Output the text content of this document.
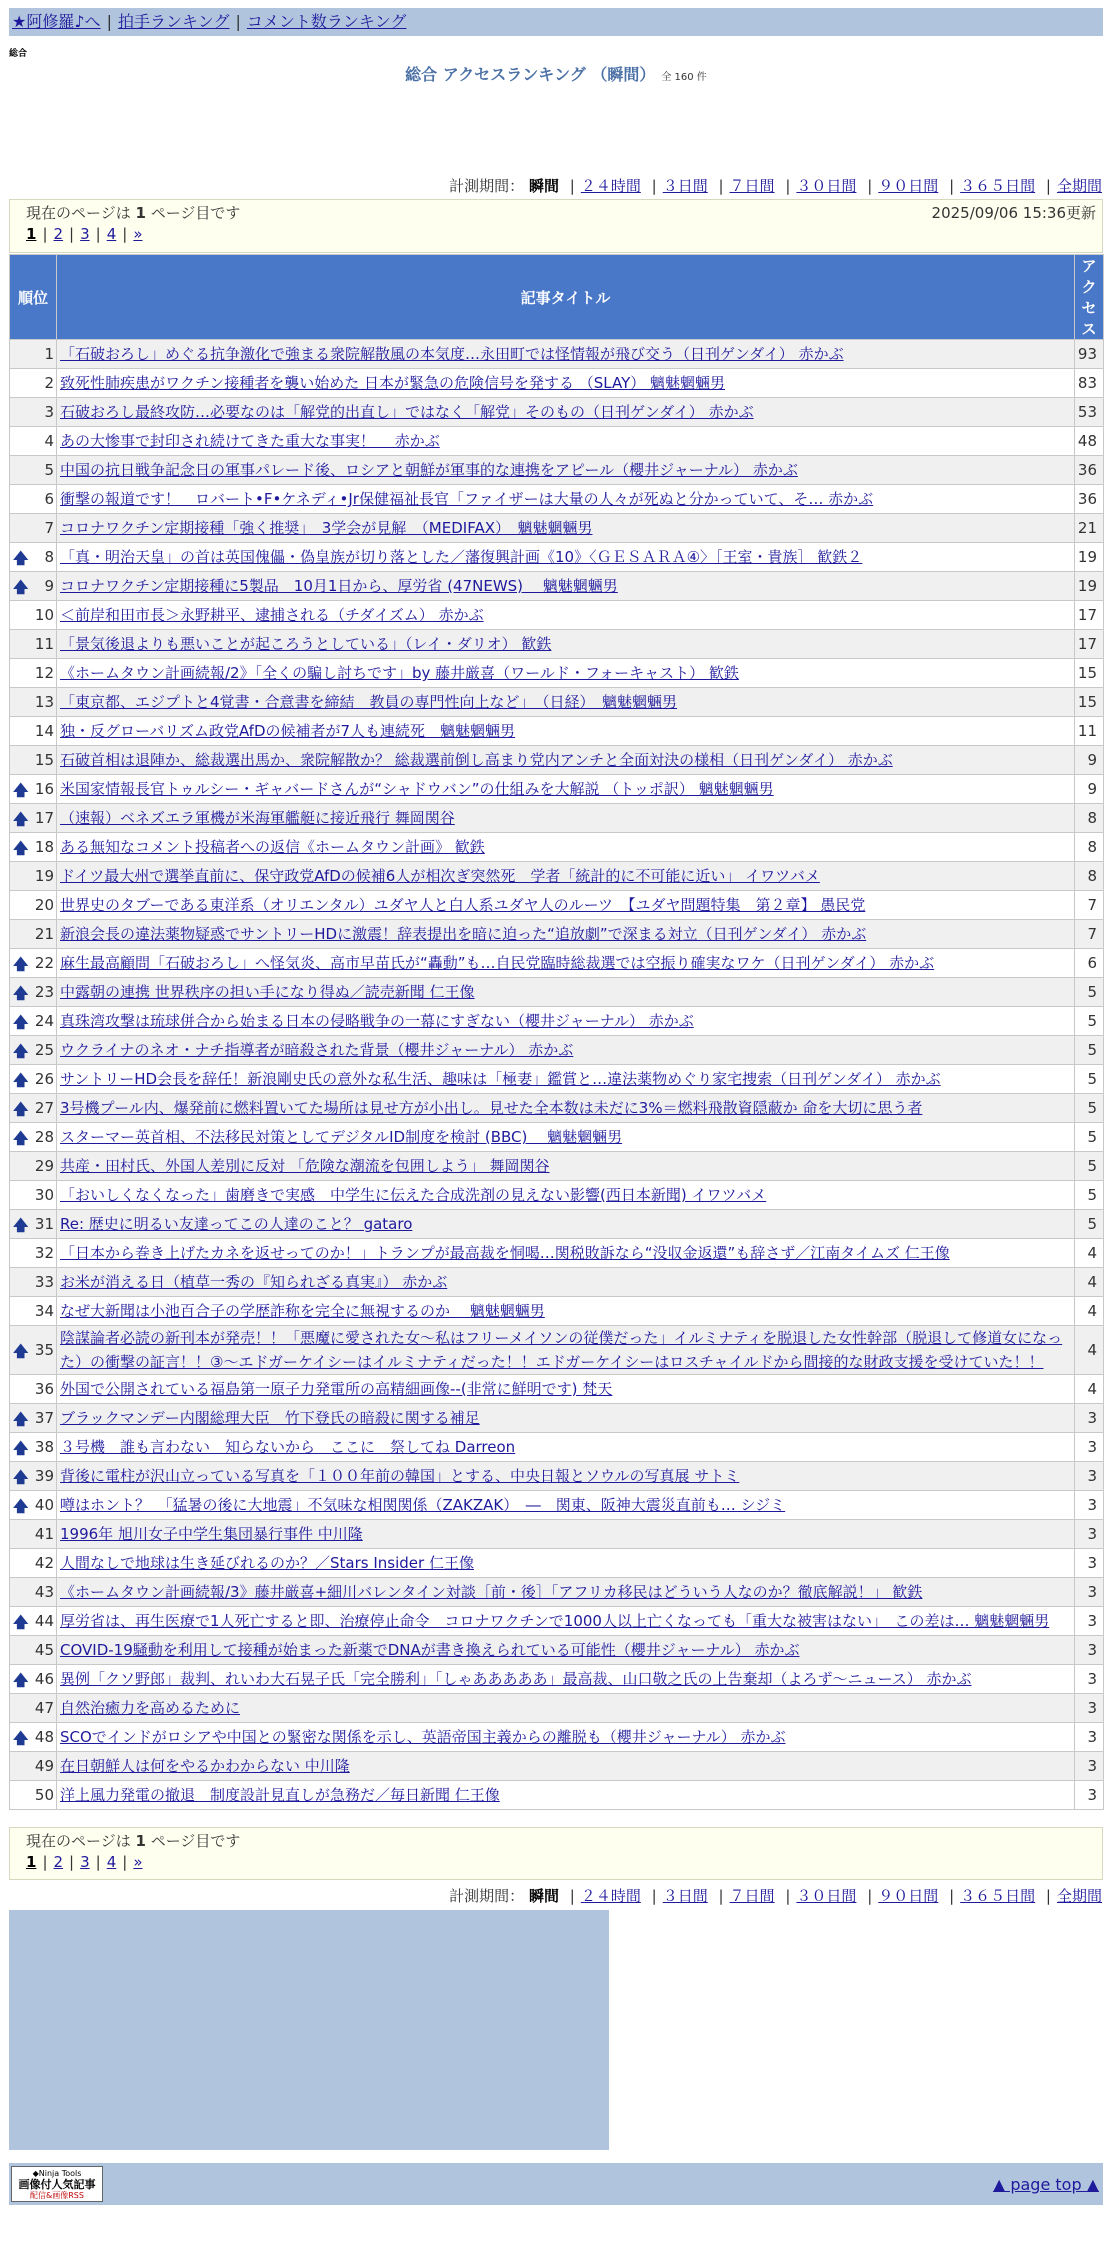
★阿修羅♪へ | 拍手ランキング | コメント数ランキング
総合
総合 アクセスランキング （瞬間） 全 160 件
計測期間： 瞬間 | ２４時間 | ３日間 | ７日間 | ３０日間 | ９０日間 | ３６５日間 | 全期間
現在のページは 1 ページ目です	2025/09/06 15:36更新
1 | 2 | 3 | 4 | »
順位	記事タイトル	アクセス
1	「石破おろし」めぐる抗争激化で強まる衆院解散風の本気度…永田町では怪情報が飛び交う（日刊ゲンダイ） 赤かぶ	93
2	致死性肺疾患がワクチン接種者を襲い始めた 日本が緊急の危険信号を発する （SLAY） 魑魅魍魎男	83
3	石破おろし最終攻防…必要なのは「解党的出直し」ではなく「解党」そのもの（日刊ゲンダイ） 赤かぶ	53
4	あの大惨事で封印され続けてきた重大な事実！　 赤かぶ	48
5	中国の抗日戦争記念日の軍事パレード後、ロシアと朝鮮が軍事的な連携をアピール（櫻井ジャーナル） 赤かぶ	36
6	衝撃の報道です！　ロバート•F•ケネディ•Jr保健福祉長官「ファイザーは大量の人々が死ぬと分かっていて、そ… 赤かぶ	36
7	コロナワクチン定期接種「強く推奨」　3学会が見解　（MEDIFAX）　魑魅魍魎男	21

🡅 8	「真・明治天皇」の首は英国傀儡・偽皇族が切り落とした／藩復興計画《10》〈ＧＥＳＡＲＡ④〉［王室・貴族］ 歓鉄２	19

🡅 9	コロナワクチン定期接種に5製品　10月1日から、厚労省 (47NEWS)　 魑魅魍魎男	19
10	＜前岸和田市長＞永野耕平、逮捕される（チダイズム） 赤かぶ	17
11	「景気後退よりも悪いことが起ころうとしている」（レイ・ダリオ） 歓鉄	17
12	《ホームタウン計画続報/2》「全くの騙し討ちです」by 藤井厳喜（ワールド・フォーキャスト） 歓鉄	15
13	「東京都、エジプトと4覚書・合意書を締結　教員の専門性向上など」　（日経）　魑魅魍魎男	15
14	独・反グローバリズム政党AfDの候補者が7人も連続死　魑魅魍魎男	11
15	石破首相は退陣か、総裁選出馬か、衆院解散か？ 総裁選前倒し高まり党内アンチと全面対決の様相（日刊ゲンダイ） 赤かぶ	9

🡅 16	米国家情報長官トゥルシー・ギャバードさんが“シャドウバン”の仕組みを大解説 （トッポ訳） 魑魅魍魎男	9

🡅 17	（速報）ベネズエラ軍機が米海軍艦艇に接近飛行 舞岡関谷	8

🡅 18	ある無知なコメント投稿者への返信《ホームタウン計画》 歓鉄	8
19	ドイツ最大州で選挙直前に、保守政党AfDの候補6人が相次ぎ突然死　学者「統計的に不可能に近い」 イワツバメ	8
20	世界史のタブーである東洋系（オリエンタル）ユダヤ人と白人系ユダヤ人のルーツ　【ユダヤ問題特集　第２章】 愚民党	7
21	新浪会長の違法薬物疑惑でサントリーHDに激震！辞表提出を暗に迫った“追放劇”で深まる対立（日刊ゲンダイ） 赤かぶ	7

🡅 22	麻生最高顧問「石破おろし」へ怪気炎、高市早苗氏が“轟動”も…自民党臨時総裁選では空振り確実なワケ（日刊ゲンダイ） 赤かぶ	6

🡅 23	中露朝の連携 世界秩序の担い手になり得ぬ／読売新聞 仁王像	5

🡅 24	真珠湾攻撃は琉球併合から始まる日本の侵略戦争の一幕にすぎない（櫻井ジャーナル） 赤かぶ	5

🡅 25	ウクライナのネオ・ナチ指導者が暗殺された背景（櫻井ジャーナル） 赤かぶ	5

🡅 26	サントリーHD会長を辞任！新浪剛史氏の意外な私生活、趣味は「極妻」鑑賞と…違法薬物めぐり家宅捜索（日刊ゲンダイ） 赤かぶ	5

🡅 27	3号機プール内、爆発前に燃料置いてた場所は見せ方が小出し。見せた全本数は未だに3%＝燃料飛散資隠蔽か 命を大切に思う者	5

🡅 28	スターマー英首相、不法移民対策としてデジタルID制度を検討 (BBC)　 魑魅魍魎男	5
29	共産・田村氏、外国人差別に反対 「危険な潮流を包囲しよう」 舞岡関谷	5
30	「おいしくなくなった」歯磨きで実感　中学生に伝えた合成洗剤の見えない影響(西日本新聞) イワツバメ	5

🡅 31	Re: 歴史に明るい友達ってこの人達のこと？ gataro	5
32	「日本から巻き上げたカネを返せってのか！」トランプが最高裁を恫喝…関税敗訴なら“没収金返還”も辞さず／江南タイムズ 仁王像	4
33	お米が消える日（植草一秀の『知られざる真実』） 赤かぶ	4
34	なぜ大新聞は小池百合子の学歴詐称を完全に無視するのか　 魑魅魍魎男	4

🡅 35	陰謀論者必読の新刊本が発売！！「悪魔に愛された女〜私はフリーメイソンの従僕だった」イルミナティを脱退した女性幹部（脱退して修道女になった）の衝撃の証言！！③〜エドガーケイシーはイルミナティだった！！エドガーケイシーはロスチャイルドから間接的な財政支援を受けていた！！	4
36	外国で公開されている福島第一原子力発電所の高精細画像--(非常に鮮明です) 梵天	4

🡅 37	ブラックマンデー内閣総理大臣　竹下登氏の暗殺に関する補足	3

🡅 38	３号機　誰も言わない　知らないから　ここに　祭してね Darreon	3

🡅 39	背後に電柱が沢山立っている写真を「１００年前の韓国」とする、中央日報とソウルの写真展 サトミ	3

🡅 40	噂はホント？　「猛暑の後に大地震」不気味な相関関係（ZAKZAK）　―　関東、阪神大震災直前も… シジミ	3
41	1996年 旭川女子中学生集団暴行事件 中川隆	3
42	人間なしで地球は生き延びれるのか？／Stars Insider 仁王像	3
43	《ホームタウン計画続報/3》藤井厳喜+細川バレンタイン対談［前・後］「アフリカ移民はどういう人なのか？徹底解説！」 歓鉄	3

🡅 44	厚労省は、再生医療で1人死亡すると即、治療停止命令　コロナワクチンで1000人以上亡くなっても「重大な被害はない」　この差は… 魑魅魍魎男	3
45	COVID-19騒動を利用して接種が始まった新薬でDNAが書き換えられている可能性（櫻井ジャーナル） 赤かぶ	3

🡅 46	異例「クソ野郎」裁判、れいわ大石晃子氏「完全勝利」「しゃあああああ」最高裁、山口敬之氏の上告棄却（よろず〜ニュース） 赤かぶ	3
47	自然治癒力を高めるために	3

🡅 48	SCOでインドがロシアや中国との緊密な関係を示し、英語帝国主義からの離脱も（櫻井ジャーナル） 赤かぶ	3
49	在日朝鮮人は何をやるかわからない 中川隆	3
50	洋上風力発電の撤退　制度設計見直しが急務だ／毎日新聞 仁王像	3
計測期間： 瞬間 | ２４時間 | ３日間 | ７日間 | ３０日間 | ９０日間 | ３６５日間 | 全期間
現在のページは 1 ページ目です
1 | 2 | 3 | 4 | »
◆Ninja Tools
画像付人気記事
配信&画像RSS
▲ page top ▲
